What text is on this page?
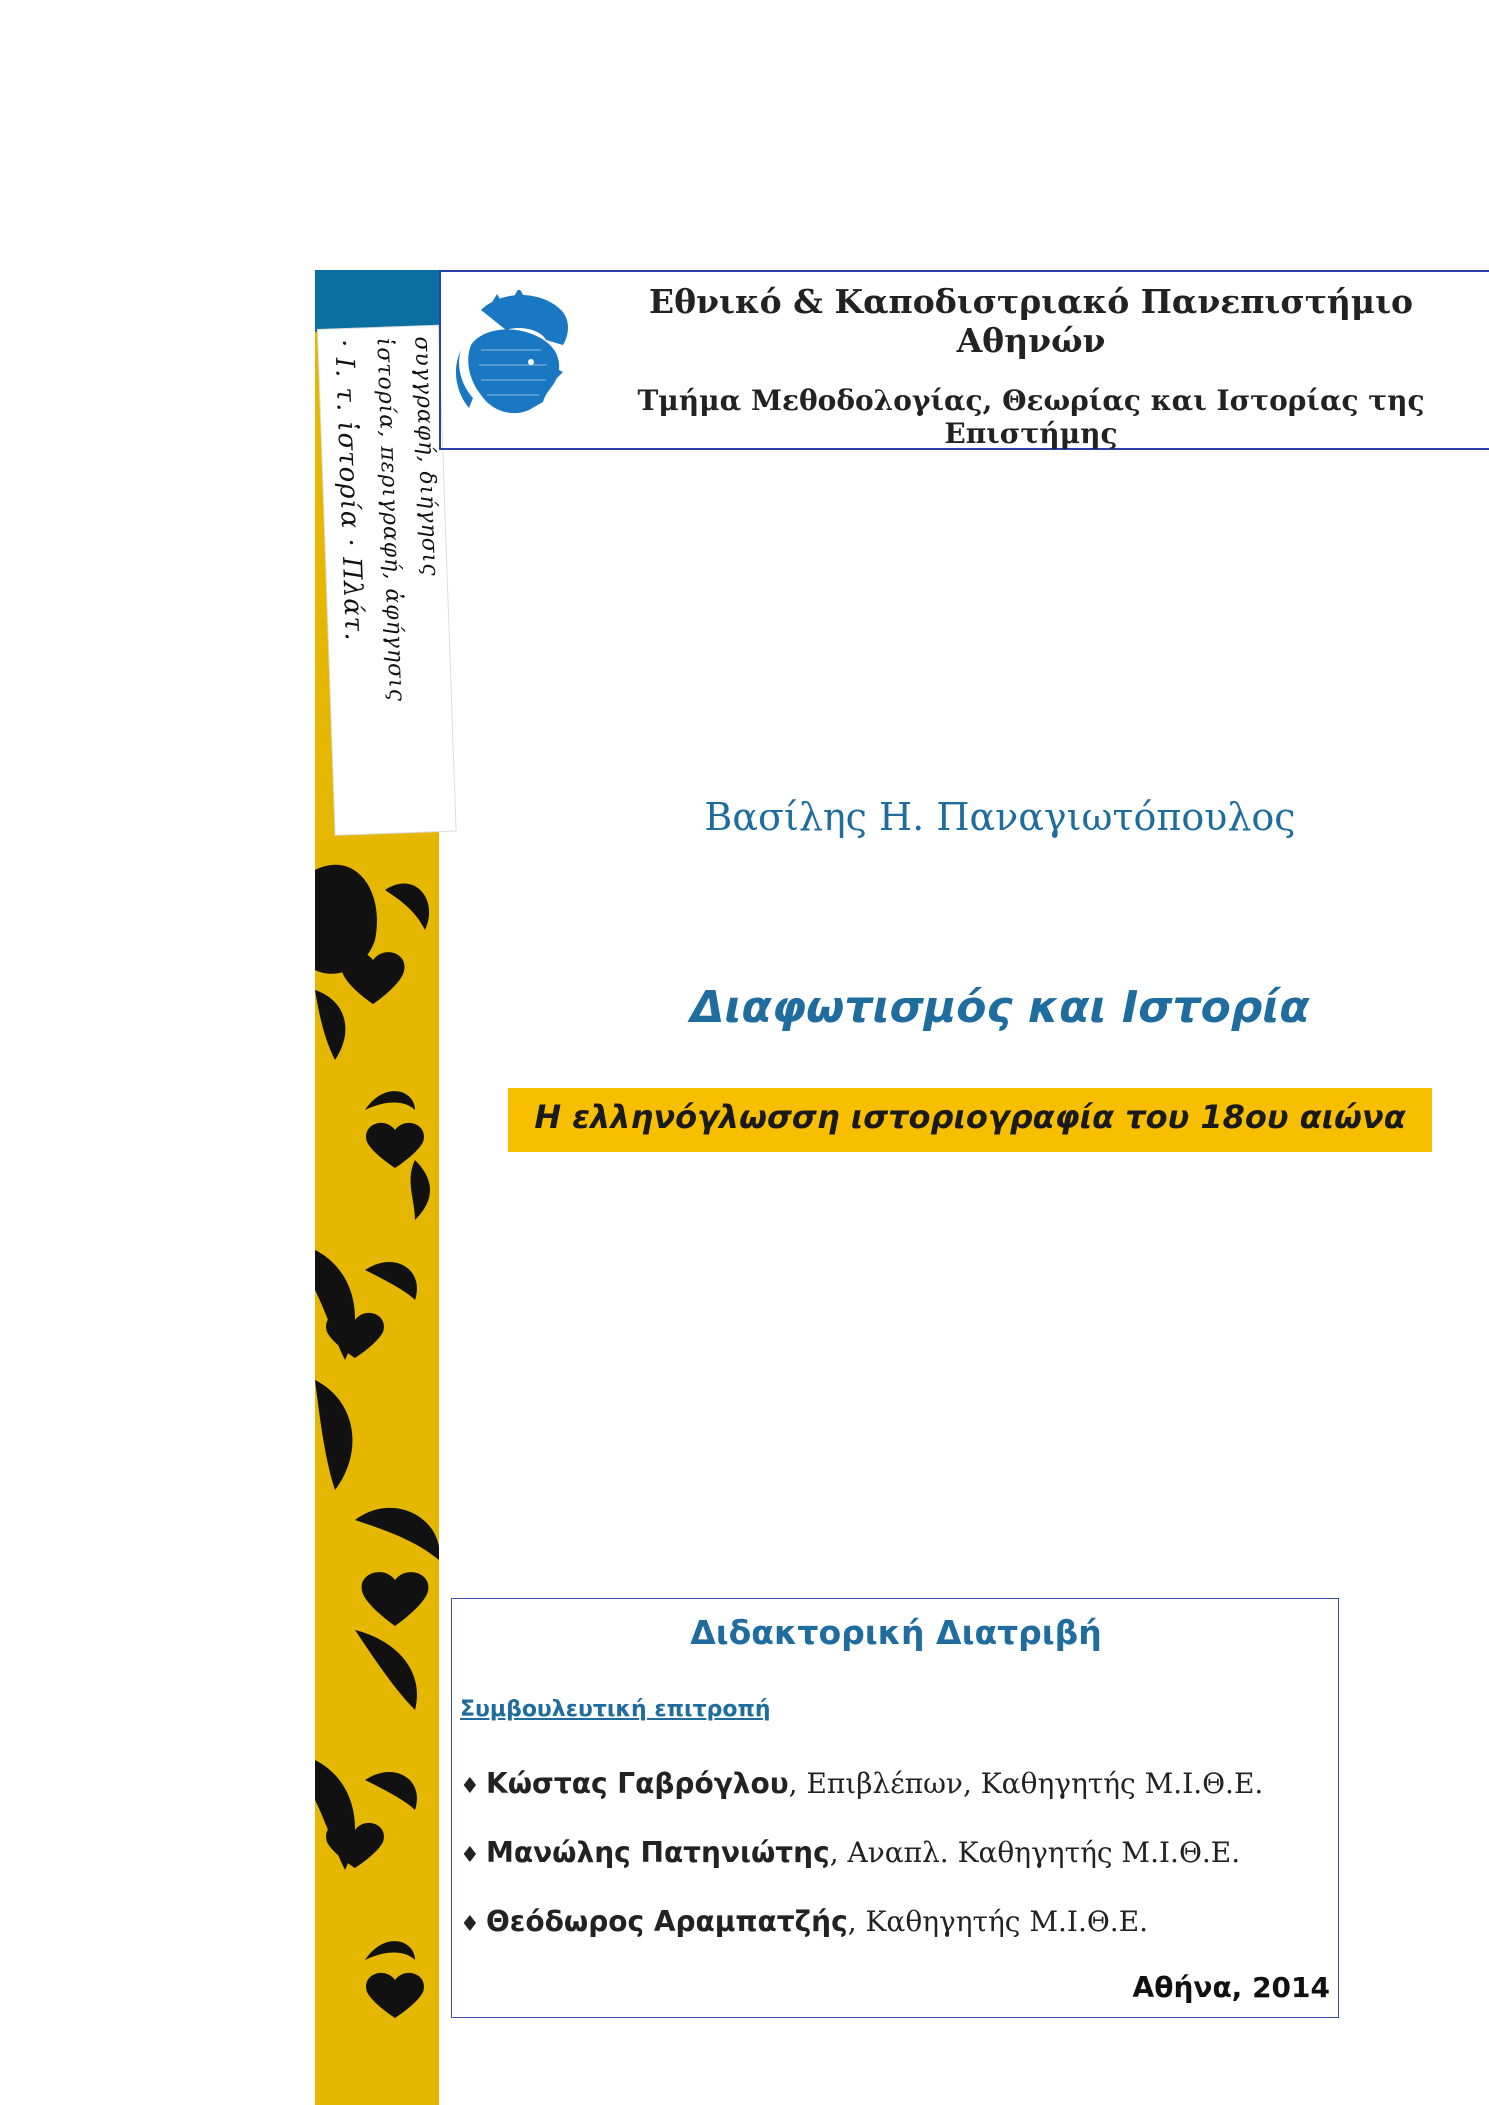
· Ι. τ. ἱστορία · Πλάτ. ἱστορία, περιγραφή, ἀφήγησις συγγραφή, διήγησις
Εθνικό & Καποδιστριακό Πανεπιστήμιο Αθηνών
Τμήμα Μεθοδολογίας, Θεωρίας και Ιστορίας της Επιστήμης
Βασίλης Η. Παναγιωτόπουλος
Διαφωτισμός και Ιστορία
Η ελληνόγλωσση ιστοριογραφία του 18ου αιώνα
Διδακτορική Διατριβή
Συμβουλευτική επιτροπή
♦ Κώστας Γαβρόγλου, Επιβλέπων, Καθηγητής Μ.Ι.Θ.Ε.
♦ Μανώλης Πατηνιώτης, Αναπλ. Καθηγητής Μ.Ι.Θ.Ε.
♦ Θεόδωρος Αραμπατζής, Καθηγητής Μ.Ι.Θ.Ε.
Αθήνα, 2014
